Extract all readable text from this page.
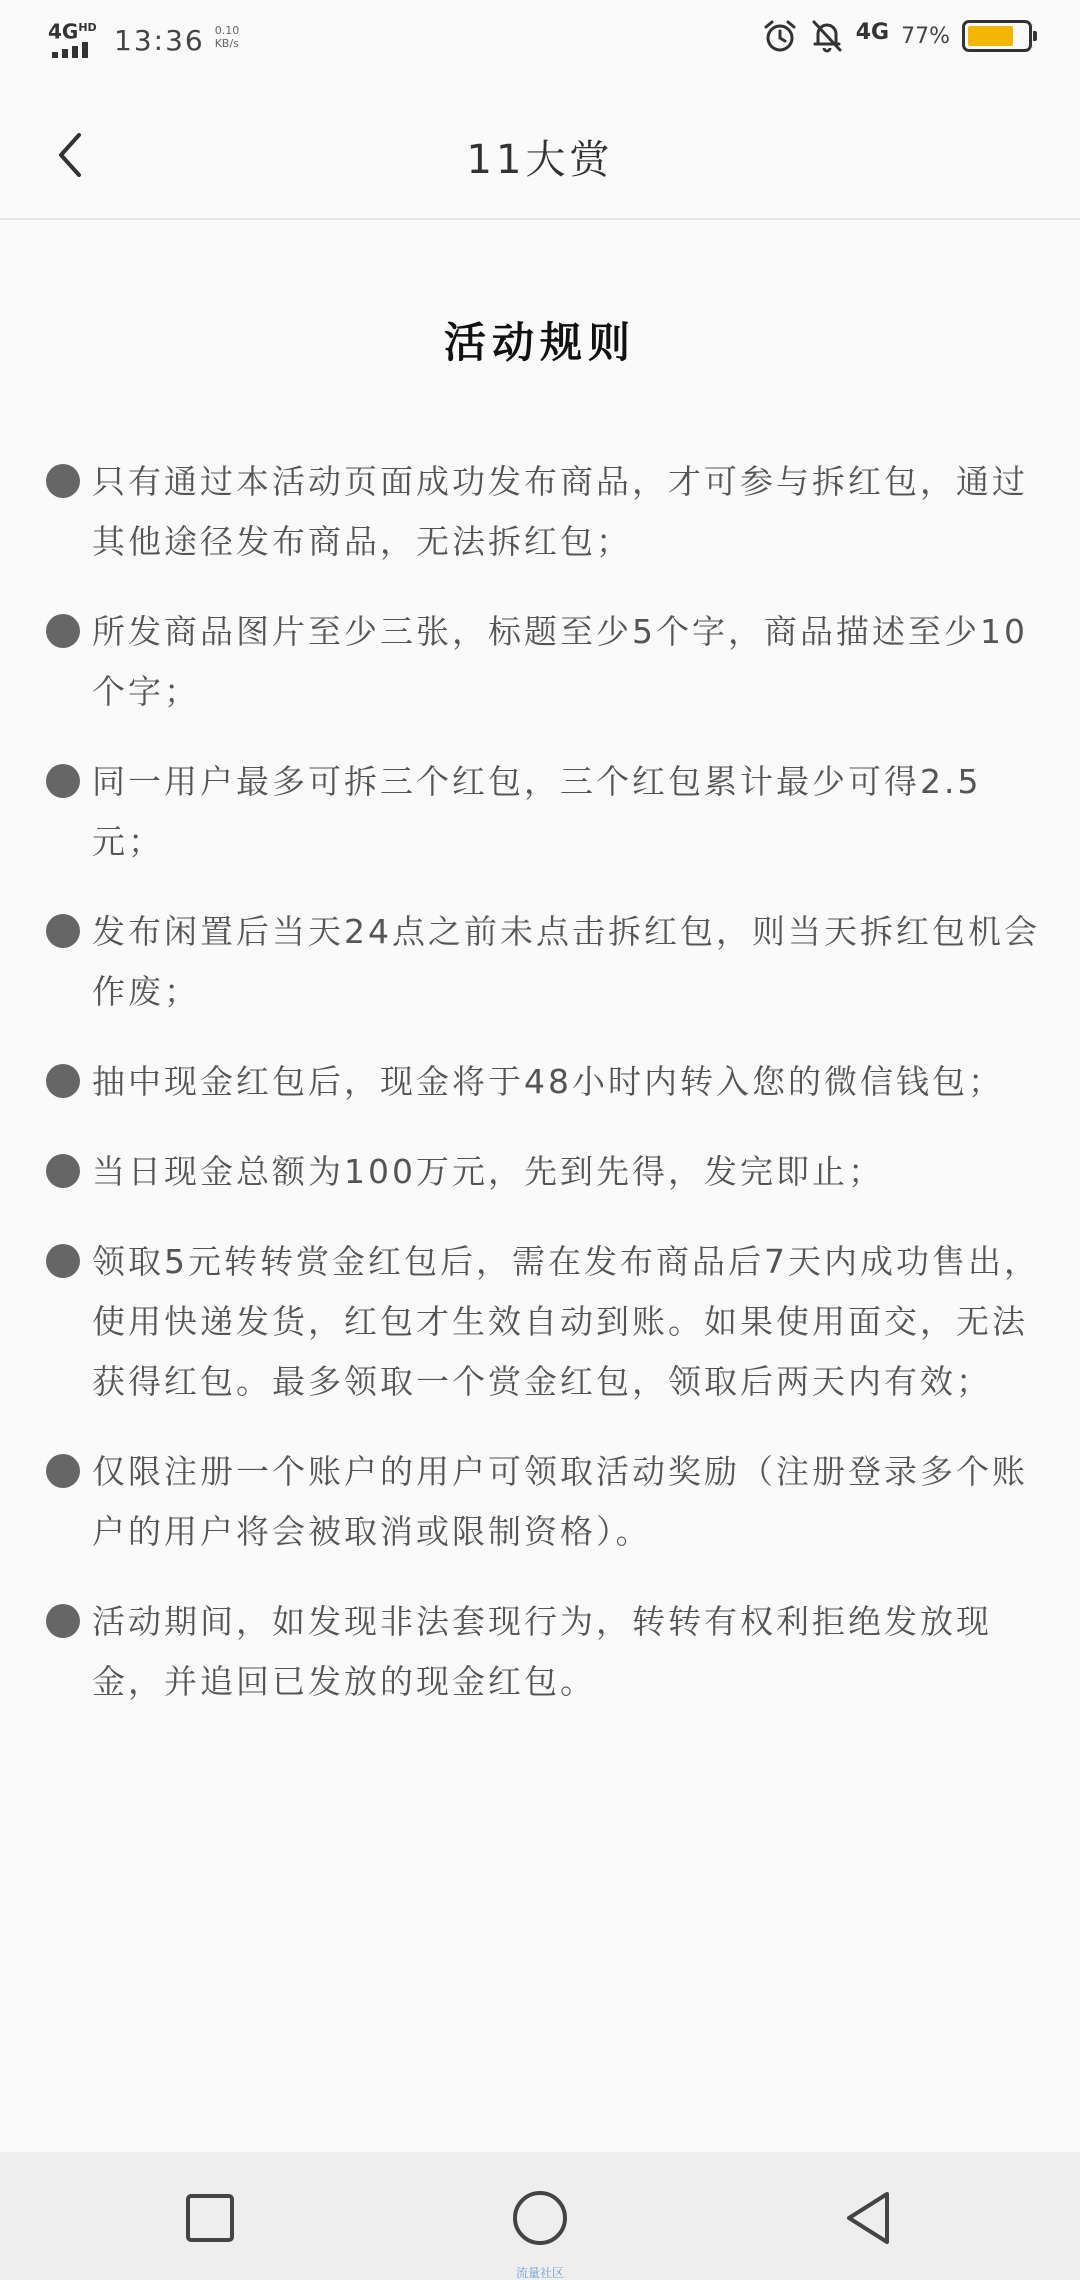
$4G^{HD}$ 13:36 0.10
KB/s	4G 77%
11大赏
活动规则
只有通过本活动页面成功发布商品，才可参与拆红包，通过其他途径发布商品，无法拆红包；
所发商品图片至少三张，标题至少5个字，商品描述至少10个字；
同一用户最多可拆三个红包，三个红包累计最少可得2.5元；
发布闲置后当天24点之前未点击拆红包，则当天拆红包机会作废；
抽中现金红包后，现金将于48小时内转入您的微信钱包；
当日现金总额为100万元，先到先得，发完即止；
领取5元转转赏金红包后，需在发布商品后7天内成功售出，使用快递发货，红包才生效自动到账。如果使用面交，无法获得红包。最多领取一个赏金红包，领取后两天内有效；
仅限注册一个账户的用户可领取活动奖励（注册登录多个账户的用户将会被取消或限制资格）。
活动期间，如发现非法套现行为，转转有权利拒绝发放现金，并追回已发放的现金红包。
流量社区
